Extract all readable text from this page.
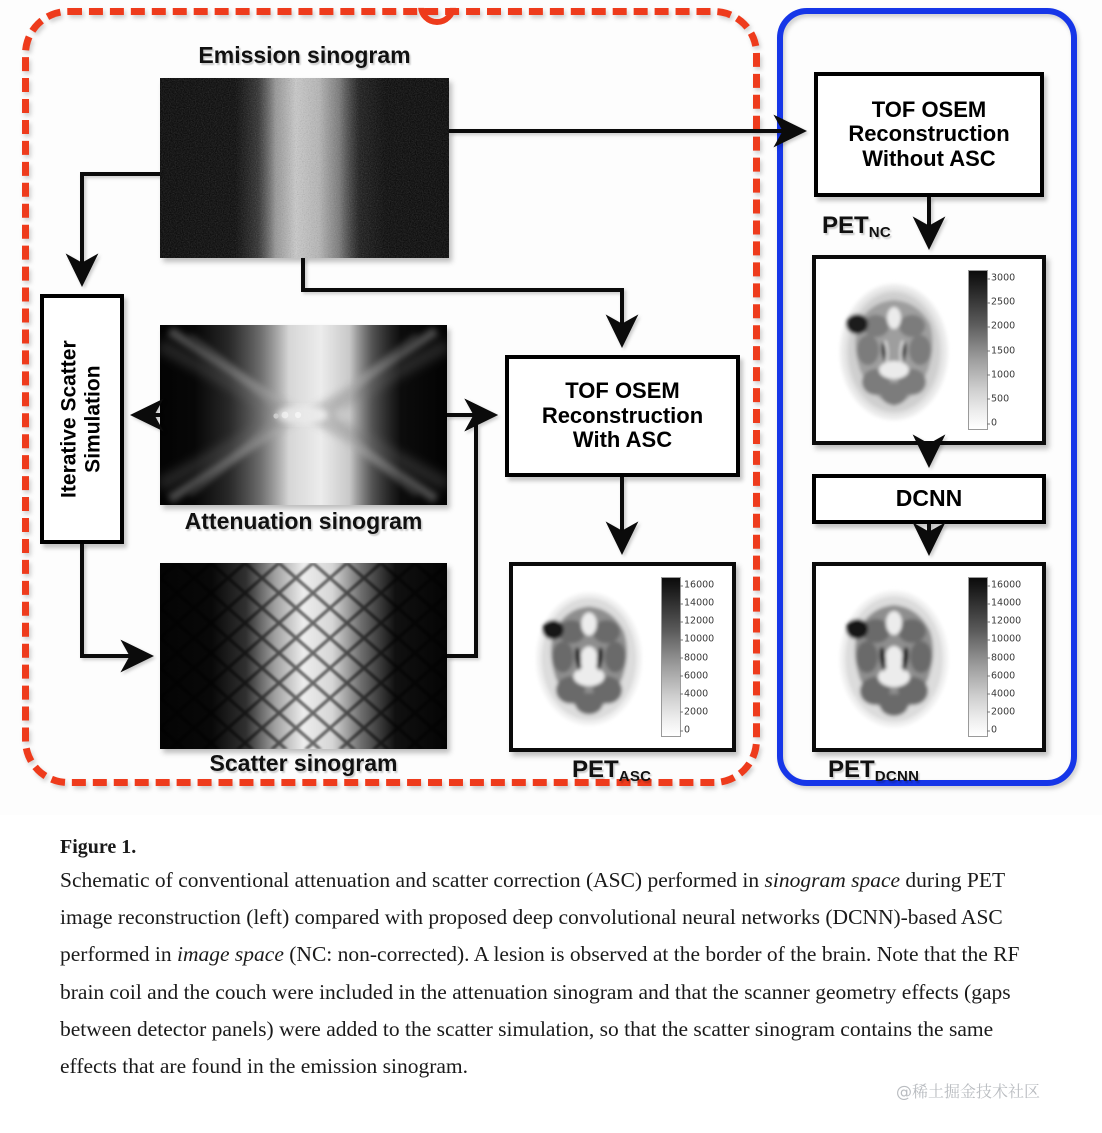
Emission sinogram
Attenuation sinogram
Scatter sinogram
Iterative Scatter
Simulation	TOF OSEM
Reconstruction
With ASC
TOF OSEM
Reconstruction
Without ASC
DCNN
$PET_{NC}$
3000
2500
2000
1500
1000
500
0
16000
14000
12000
10000
8000
6000
4000
2000
0
$PET_{ASC}$
16000
14000
12000
10000
8000
6000
4000
2000
0
$PET_{DCNN}$
Figure 1.
Schematic of conventional attenuation and scatter correction (ASC) performed in sinogram space during PET image reconstruction (left) compared with proposed deep convolutional neural networks (DCNN)-based ASC performed in image space (NC: non-corrected). A lesion is observed at the border of the brain. Note that the RF brain coil and the couch were included in the attenuation sinogram and that the scanner geometry effects (gaps between detector panels) were added to the scatter simulation, so that the scatter sinogram contains the same effects that are found in the emission sinogram.
@稀土掘金技术社区
